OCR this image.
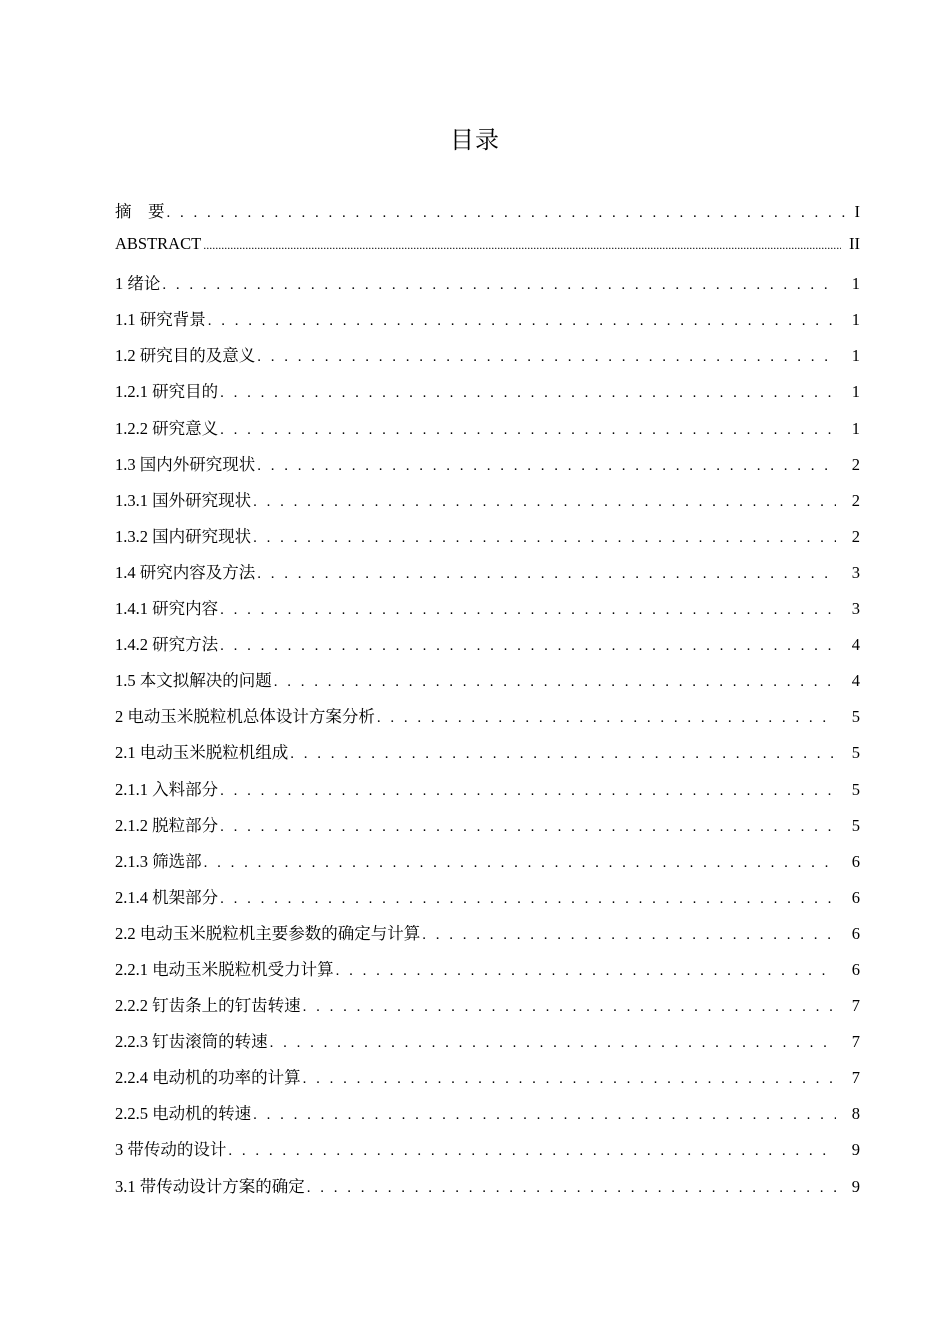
目录
摘　要 . . .	I
ABSTRACT .....	II
1 绪论 . . .	1
1.1 研究背景 . . .	1
1.2 研究目的及意义 . . .	1
1.2.1 研究目的 . . .	1
1.2.2 研究意义 . . .	1
1.3 国内外研究现状 . . .	2
1.3.1 国外研究现状 . . .	2
1.3.2 国内研究现状 . . .	2
1.4 研究内容及方法 . . .	3
1.4.1 研究内容 . . .	3
1.4.2 研究方法 . . .	4
1.5 本文拟解决的问题 . . .	4
2 电动玉米脱粒机总体设计方案分析 . . .	5
2.1 电动玉米脱粒机组成 . . .	5
2.1.1 入料部分 . . .	5
2.1.2 脱粒部分 . . .	5
2.1.3 筛选部 . . .	6
2.1.4 机架部分 . . .	6
2.2 电动玉米脱粒机主要参数的确定与计算 . . .	6
2.2.1 电动玉米脱粒机受力计算 . . .	6
2.2.2 钉齿条上的钉齿转速 . . .	7
2.2.3 钉齿滚筒的转速 . . .	7
2.2.4 电动机的功率的计算 . . .	7
2.2.5 电动机的转速 . . .	8
3 带传动的设计 . . .	9
3.1 带传动设计方案的确定 . . .	9
